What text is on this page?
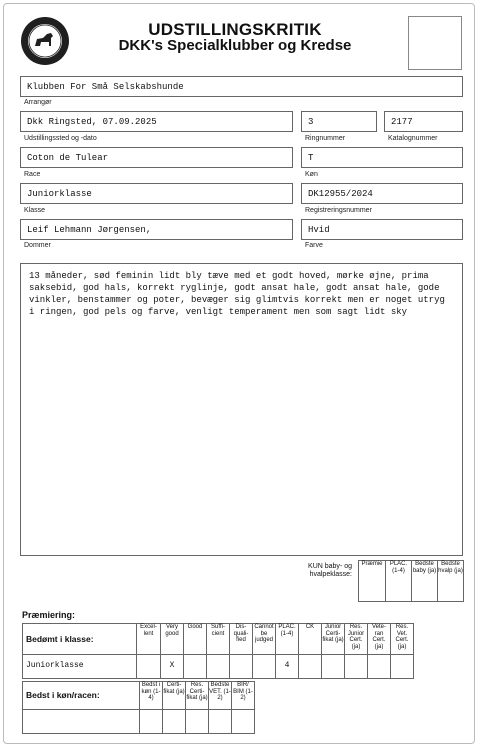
UDSTILLINGSKRITIK
DKK's Specialklubber og Kredse
Klubben For Små Selskabshunde
Arrangør
Dkk Ringsted, 07.09.2025
Udstillingssted og -dato
3
Ringnummer
2177
Katalognummer
Coton de Tulear
Race
T
Køn
Juniorklasse
Klasse
DK12955/2024
Registreringsnummer
Leif Lehmann Jørgensen,
Dommer
Hvid
Farve
13 måneder, sød feminin lidt bly tæve med et godt hoved, mørke øjne, prima saksebid, god hals, korrekt ryglinje, godt ansat hale, godt ansat hale, gode vinkler, benstammer og poter, bevæger sig glimtvis korrekt men er noget utryg i ringen, god pels og farve, venligt temperament men som sagt lidt sky
KUN baby- og hvalpeklasse:
Præmie	PLAC. (1-4)	Bedste baby (ja)	Bedste hvalp (ja)
Præmiering:
Bedømt i klasse:	Excel-lent	Very good	Good	Suffi-cient	Dis-quali-fied	Cannot be judged	PLAC. (1-4)	CK	Junior Certi-fikat (ja)	Res. Junior Cert. (ja)	Vete-ran Cert. (ja)	Res. Vet. Cert. (ja)
Juniorklasse		X					4					
Bedst i køn/racen:	Bedst i køn (1-4)	Certi-fikat (ja)	Res. Certi-fikat (ja)	Bedste VET. (1-2)	BIR/ BIM (1-2)
